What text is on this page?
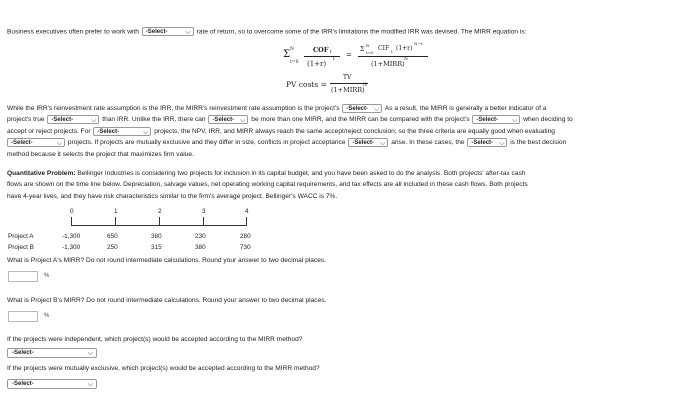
Business executives often prefer to work with -Select-	⌵ rate of return, so to overcome some of the IRR's limitations the modified IRR was devised. The MIRR equation is:
Σ N
t=0
COF t
(1+r)
t
=
Σ N
t=0
CIF t (1+r)
N−t
(1+MIRR)
N
PV costs =
TV
(1+MIRR)
N
While the IRR's reinvestment rate assumption is the IRR, the MIRR's reinvestment rate assumption is the project's -Select- ⌵ As a result, the MIRR is generally a better indicator of a
project's true -Select-	⌵ than IRR. Unlike the IRR, there can -Select- ⌵ be more than one MIRR, and the MIRR can be compared with the project's -Select- ⌵ when deciding to
accept or reject projects. For -Select-	⌵ projects, the NPV, IRR, and MIRR always reach the same accept/reject conclusion; so the three criteria are equally good when evaluating
-Select-	⌵ projects. If projects are mutually exclusive and they differ in size, conflicts in project acceptance -Select- ⌵ arise. In these cases, the -Select- ⌵ is the best decision
method because it selects the project that maximizes firm value.
Quantitative Problem: Bellinger Industries is considering two projects for inclusion in its capital budget, and you have been asked to do the analysis. Both projects' after-tax cash
flows are shown on the time line below. Depreciation, salvage values, net operating working capital requirements, and tax effects are all included in these cash flows. Both projects
have 4-year lives, and they have risk characteristics similar to the firm's average project. Bellinger's WACC is 7%.
0	1	2	3	4
Project A	-1,300	650	380	230	280
Project B	-1,300	250	315	380	730
What is Project A's MIRR? Do not round intermediate calculations. Round your answer to two decimal places.
%
What is Project B's MIRR? Do not round intermediate calculations. Round your answer to two decimal places.
%
If the projects were independent, which project(s) would be accepted according to the MIRR method?
-Select-	⌵
If the projects were mutually exclusive, which project(s) would be accepted according to the MIRR method?
-Select-	⌵
